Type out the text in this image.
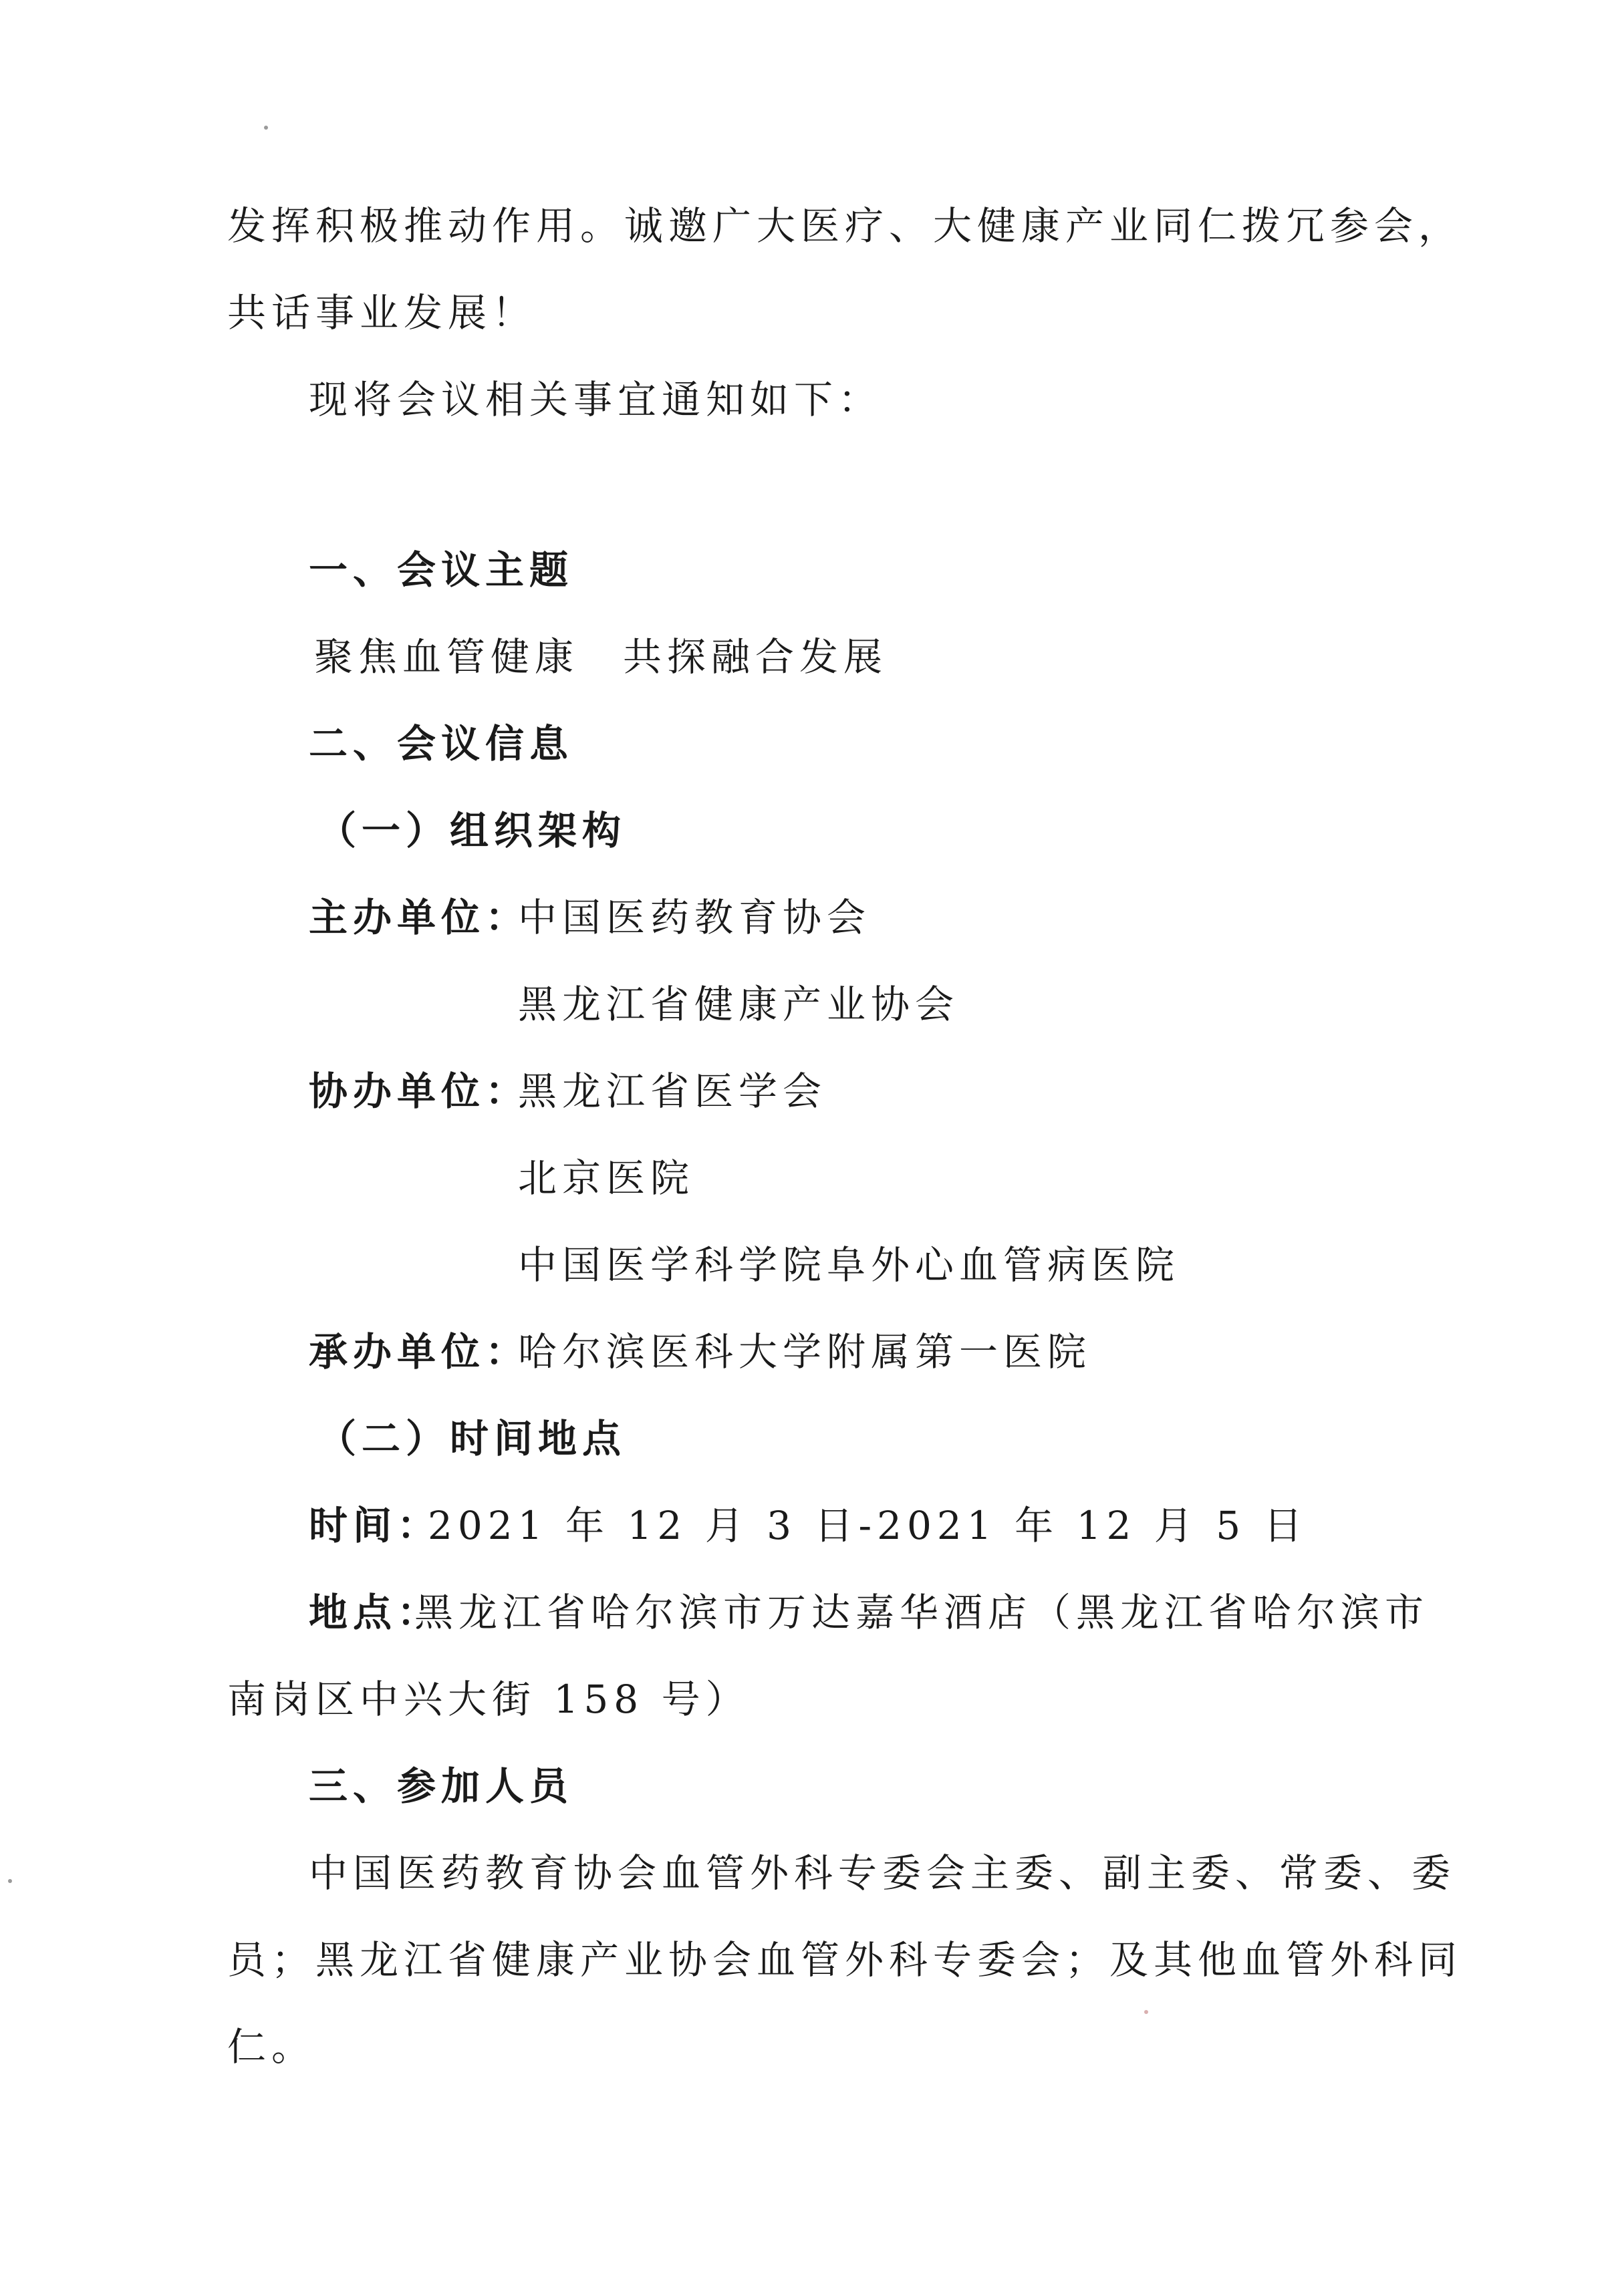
发挥积极推动作用。诚邀广大医疗、大健康产业同仁拨冗参会，
共话事业发展！
现将会议相关事宜通知如下：
一、会议主题
聚焦血管健康　共探融合发展
二、会议信息
（一）组织架构
主办单位：
中国医药教育协会
黑龙江省健康产业协会
协办单位：
黑龙江省医学会
北京医院
中国医学科学院阜外心血管病医院
承办单位：
哈尔滨医科大学附属第一医院
（二）时间地点
时间：
2021 年 12 月 3 日-2021 年 12 月 5 日
地点：
黑龙江省哈尔滨市万达嘉华酒店（黑龙江省哈尔滨市
南岗区中兴大街 158 号）
三、参加人员
中国医药教育协会血管外科专委会主委、副主委、常委、委
员；黑龙江省健康产业协会血管外科专委会；及其他血管外科同
仁。
